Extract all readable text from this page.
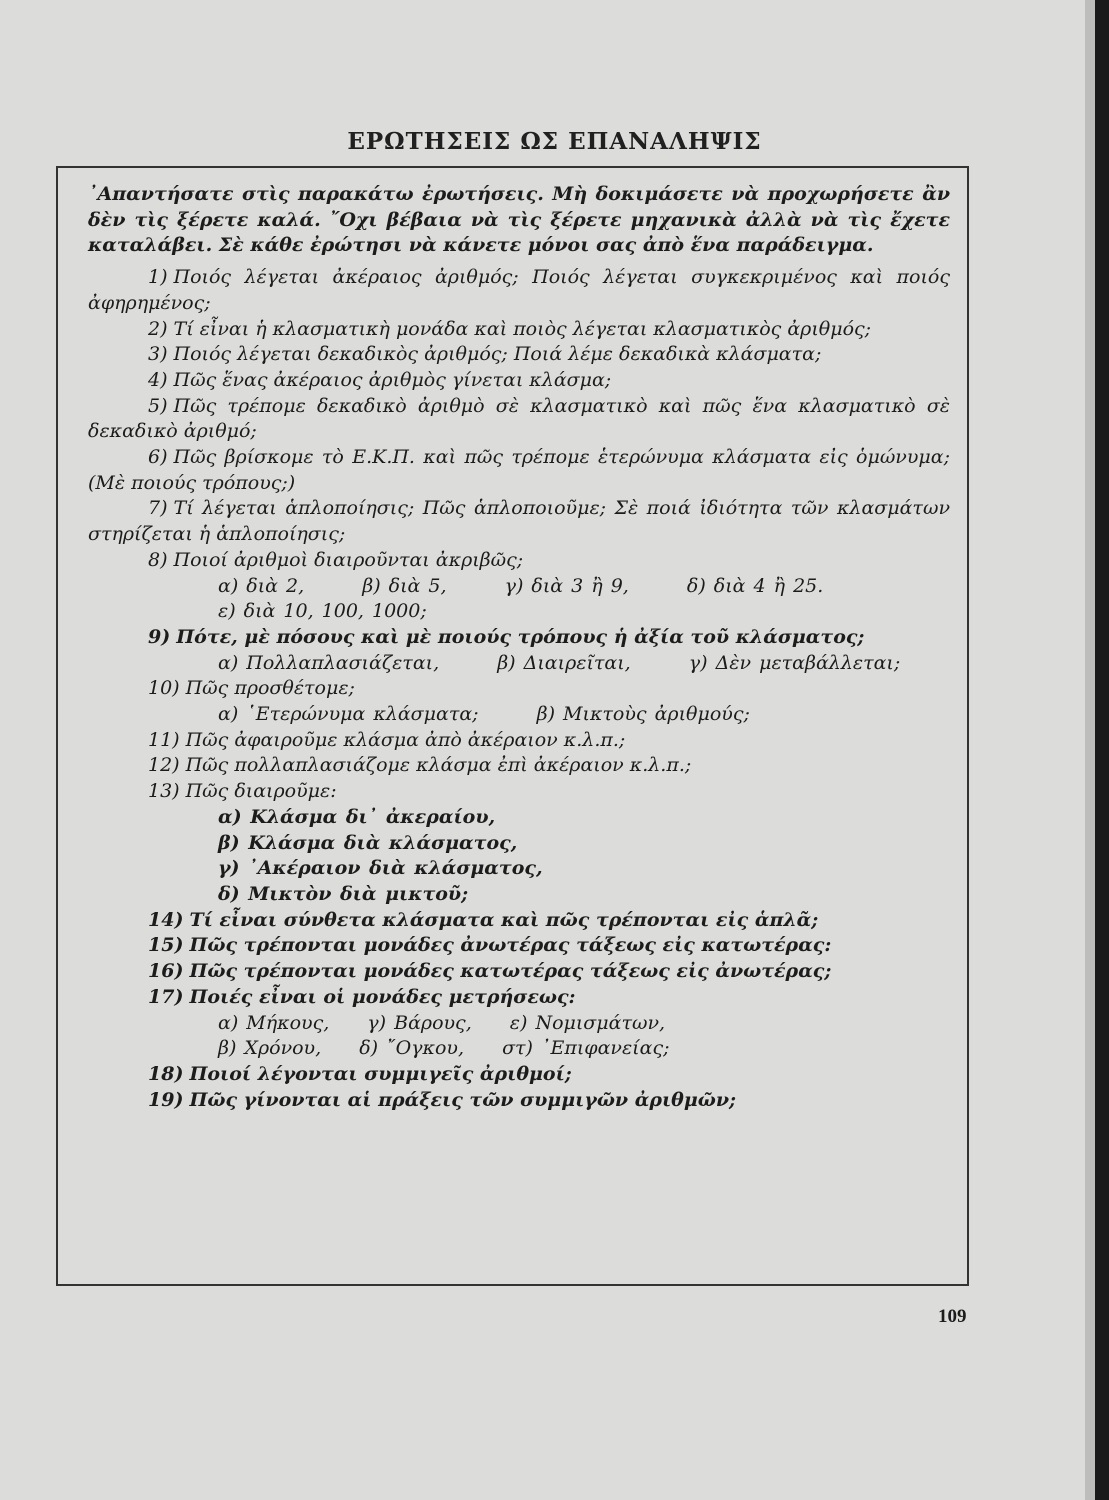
ΕΡΩΤΗΣΕΙΣ ΩΣ ΕΠΑΝΑΛΗΨΙΣ
᾽Απαντήσατε στὶς παρακάτω ἐρωτήσεις. Μὴ δοκιμάσετε νὰ προχωρήσετε ἂν δὲν τὶς ξέρετε καλά. ῎Οχι βέβαια νὰ τὶς ξέρετε μηχανικὰ ἀλλὰ νὰ τὶς ἔχετε καταλάβει. Σὲ κάθε ἐρώτησι νὰ κάνετε μόνοι σας ἀπὸ ἕνα παράδειγμα.
1) Ποιός λέγεται ἀκέραιος ἀριθμός; Ποιός λέγεται συγκεκριμένος καὶ ποιός ἀφηρημένος;
2) Τί εἶναι ἡ κλασματικὴ μονάδα καὶ ποιὸς λέγεται κλασματικὸς ἀριθμός;
3) Ποιός λέγεται δεκαδικὸς ἀριθμός; Ποιά λέμε δεκαδικὰ κλάσματα;
4) Πῶς ἕνας ἀκέραιος ἀριθμὸς γίνεται κλάσμα;
5) Πῶς τρέπομε δεκαδικὸ ἀριθμὸ σὲ κλασματικὸ καὶ πῶς ἕνα κλασματικὸ σὲ δεκαδικὸ ἀριθμό;
6) Πῶς βρίσκομε τὸ Ε.Κ.Π. καὶ πῶς τρέπομε ἑτερώνυμα κλάσματα εἰς ὁμώνυμα; (Μὲ ποιούς τρόπους;)
7) Τί λέγεται ἁπλοποίησις; Πῶς ἁπλοποιοῦμε; Σὲ ποιά ἰδιότητα τῶν κλασμάτων στηρίζεται ἡ ἁπλοποίησις;
8) Ποιοί ἀριθμοὶ διαιροῦνται ἀκριβῶς;
α) διὰ 2,	β) διὰ 5,	γ) διὰ 3 ἢ 9,	δ) διὰ 4 ἢ 25.
ε) διὰ 10, 100, 1000;
9) Πότε, μὲ πόσους καὶ μὲ ποιούς τρόπους ἡ ἀξία τοῦ κλάσματος;
α) Πολλαπλασιάζεται,	β) Διαιρεῖται,	γ) Δὲν μεταβάλλεται;
10) Πῶς προσθέτομε;
α) ῾Ετερώνυμα κλάσματα;	β) Μικτοὺς ἀριθμούς;
11) Πῶς ἀφαιροῦμε κλάσμα ἀπὸ ἀκέραιον κ.λ.π.;
12) Πῶς πολλαπλασιάζομε κλάσμα ἐπὶ ἀκέραιον κ.λ.π.;
13) Πῶς διαιροῦμε:
α) Κλάσμα δι᾽ ἀκεραίου,
β) Κλάσμα διὰ κλάσματος,
γ) ᾽Ακέραιον διὰ κλάσματος,
δ) Μικτὸν διὰ μικτοῦ;
14) Τί εἶναι σύνθετα κλάσματα καὶ πῶς τρέπονται εἰς ἁπλᾶ;
15) Πῶς τρέπονται μονάδες ἀνωτέρας τάξεως εἰς κατωτέρας:
16) Πῶς τρέπονται μονάδες κατωτέρας τάξεως εἰς ἀνωτέρας;
17) Ποιές εἶναι οἱ μονάδες μετρήσεως:
α) Μήκους, γ) Βάρους, ε) Νομισμάτων,
β) Χρόνου, δ) ῎Ογκου, στ) ᾽Επιφανείας;
18) Ποιοί λέγονται συμμιγεῖς ἀριθμοί;
19) Πῶς γίνονται αἱ πράξεις τῶν συμμιγῶν ἀριθμῶν;
109
